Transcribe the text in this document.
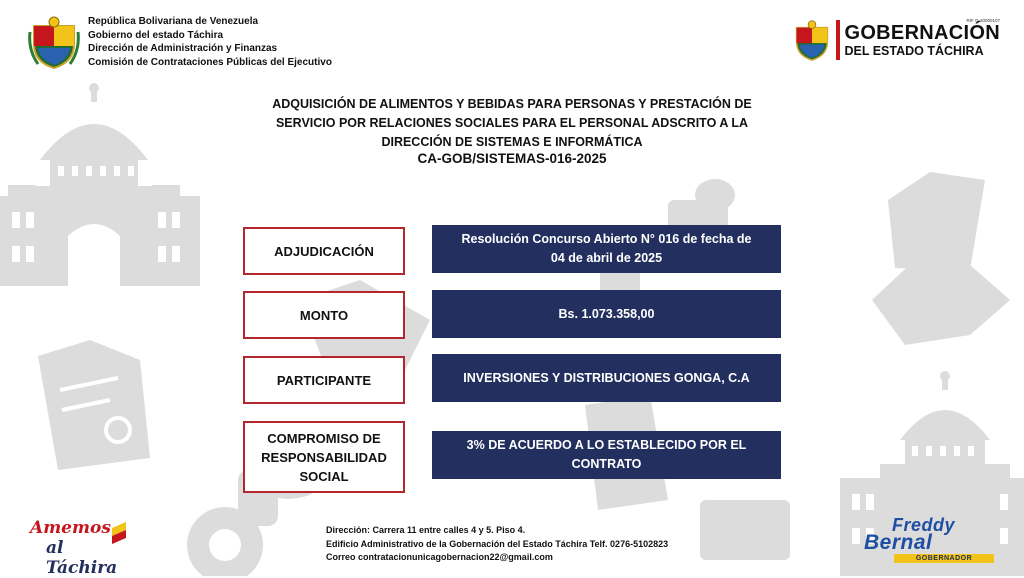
República Bolivariana de Venezuela
Gobierno del estado Táchira
Dirección de Administración y Finanzas
Comisión de Contrataciones Públicas del Ejecutivo
RIF G-20000107
GOBERNACIÓN
DEL ESTADO TÁCHIRA
ADQUISICIÓN DE ALIMENTOS Y BEBIDAS PARA PERSONAS Y PRESTACIÓN DE
SERVICIO POR RELACIONES SOCIALES PARA EL PERSONAL ADSCRITO A LA
DIRECCIÓN DE SISTEMAS E INFORMÁTICA
CA-GOB/SISTEMAS-016-2025
ADJUDICACIÓN
Resolución Concurso Abierto N° 016 de fecha de
04 de abril de 2025
MONTO	Bs. 1.073.358,00
PARTICIPANTE	INVERSIONES Y DISTRIBUCIONES GONGA, C.A
COMPROMISO DE
RESPONSABILIDAD
SOCIAL
3% DE ACUERDO A LO ESTABLECIDO POR EL
CONTRATO
Dirección: Carrera 11 entre calles 4 y 5. Piso 4.
Edificio Administrativo de la Gobernación del Estado Táchira Telf. 0276-5102823
Correo contratacionunicagobernacion22@gmail.com
Amemos
al Táchira
Freddy
Bernal
GOBERNADOR
